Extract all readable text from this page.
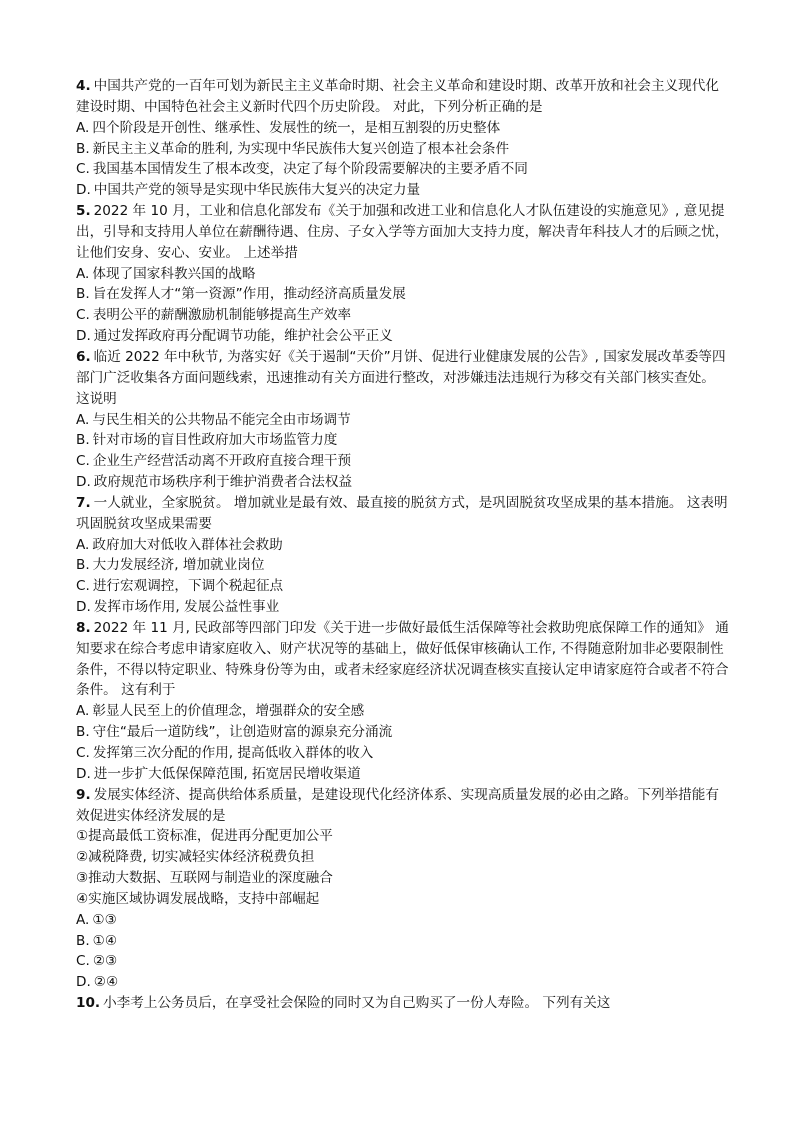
4. 中国共产党的一百年可划为新民主主义革命时期、社会主义革命和建设时期、改革开放和社会主义现代化建设时期、中国特色社会主义新时代四个历史阶段。 对此，下列分析正确的是

A. 四个阶段是开创性、继承性、发展性的统一，是相互割裂的历史整体

B. 新民主主义革命的胜利, 为实现中华民族伟大复兴创造了根本社会条件

C. 我国基本国情发生了根本改变，决定了每个阶段需要解决的主要矛盾不同

D. 中国共产党的领导是实现中华民族伟大复兴的决定力量

5. 2022 年 10 月，工业和信息化部发布《关于加强和改进工业和信息化人才队伍建设的实施意见》, 意见提出，引导和支持用人单位在薪酬待遇、住房、子女入学等方面加大支持力度，解决青年科技人才的后顾之忧，让他们安身、安心、安业。 上述举措

A. 体现了国家科教兴国的战略

B. 旨在发挥人才“第一资源”作用，推动经济高质量发展

C. 表明公平的薪酬激励机制能够提高生产效率

D. 通过发挥政府再分配调节功能，维护社会公平正义

6. 临近 2022 年中秋节, 为落实好《关于遏制“天价”月饼、促进行业健康发展的公告》, 国家发展改革委等四部门广泛收集各方面问题线索，迅速推动有关方面进行整改，对涉嫌违法违规行为移交有关部门核实查处。 这说明

A. 与民生相关的公共物品不能完全由市场调节

B. 针对市场的盲目性政府加大市场监管力度

C. 企业生产经营活动离不开政府直接合理干预

D. 政府规范市场秩序利于维护消费者合法权益

7. 一人就业，全家脱贫。 增加就业是最有效、最直接的脱贫方式，是巩固脱贫攻坚成果的基本措施。 这表明巩固脱贫攻坚成果需要

A. 政府加大对低收入群体社会救助

B. 大力发展经济, 增加就业岗位

C. 进行宏观调控，下调个税起征点

D. 发挥市场作用, 发展公益性事业

8. 2022 年 11 月, 民政部等四部门印发《关于进一步做好最低生活保障等社会救助兜底保障工作的通知》 通知要求在综合考虑申请家庭收入、财产状况等的基础上，做好低保审核确认工作, 不得随意附加非必要限制性条件，不得以特定职业、特殊身份等为由，或者未经家庭经济状况调查核实直接认定申请家庭符合或者不符合条件。 这有利于

A. 彰显人民至上的价值理念，增强群众的安全感

B. 守住“最后一道防线”，让创造财富的源泉充分涌流

C. 发挥第三次分配的作用, 提高低收入群体的收入

D. 进一步扩大低保保障范围, 拓宽居民增收渠道

9. 发展实体经济、提高供给体系质量，是建设现代化经济体系、实现高质量发展的必由之路。下列举措能有效促进实体经济发展的是

①提高最低工资标准，促进再分配更加公平

②减税降费, 切实减轻实体经济税费负担

③推动大数据、互联网与制造业的深度融合

④实施区域协调发展战略，支持中部崛起

A. ①③

B. ①④

C. ②③

D. ②④

10. 小李考上公务员后，在享受社会保险的同时又为自己购买了一份人寿险。 下列有关这
